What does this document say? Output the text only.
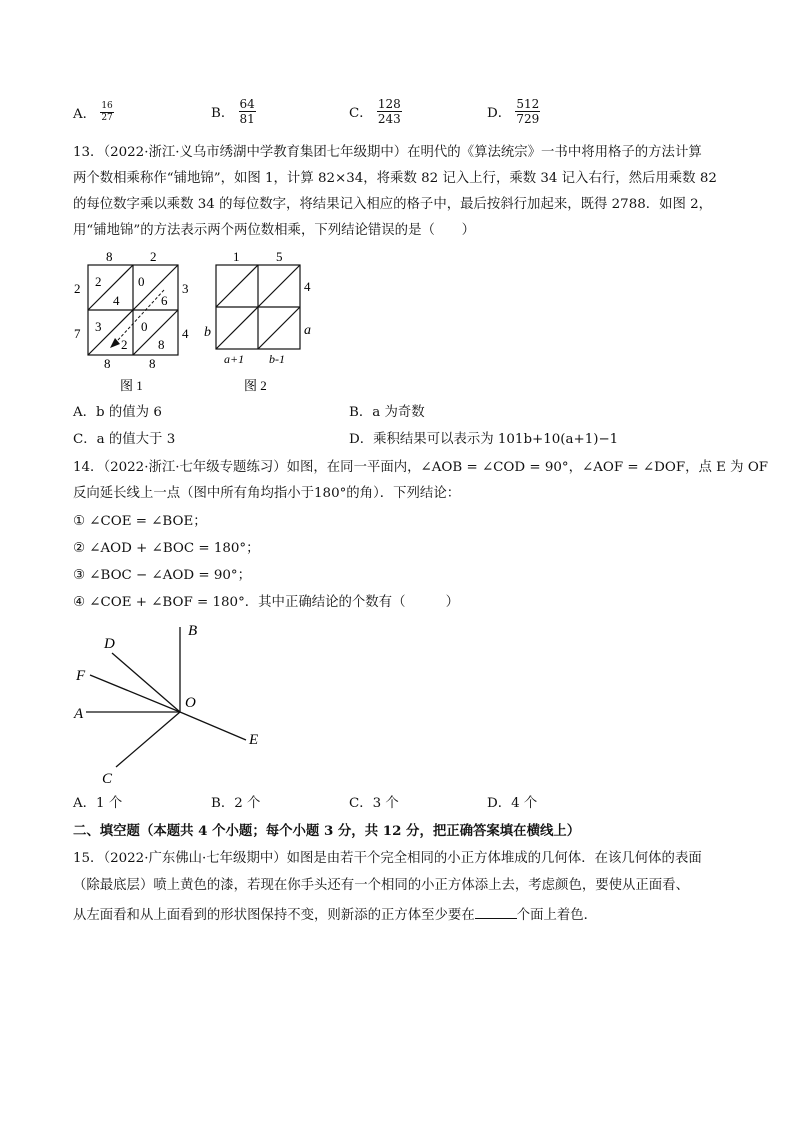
A． $\frac{16}{27}$	B． $\frac{64}{81}$	C． $\frac{128}{243}$	D． $\frac{512}{729}$
13．（2022·浙江·义乌市绣湖中学教育集团七年级期中）在明代的《算法统宗》一书中将用格子的方法计算
两个数相乘称作“铺地锦”，如图 1，计算 82×34，将乘数 82 记入上行，乘数 34 记入右行，然后用乘数 82
的每位数字乘以乘数 34 的每位数字，将结果记入相应的格子中，最后按斜行加起来，既得 2788．如图 2，
用“铺地锦”的方法表示两个两位数相乘，下列结论错误的是（　　）
8	2
2
7
3
4
8	8
2
4
0
6
3
2
0
8
图 1
1	5
4
b	a
a+1 b-1
图 2
A．b 的值为 6	B．a 为奇数
C．a 的值大于 3	D．乘积结果可以表示为 101b+10(a+1)−1
14．（2022·浙江·七年级专题练习）如图，在同一平面内，∠AOB = ∠COD = 90°，∠AOF = ∠DOF，点 E 为 OF
反向延长线上一点（图中所有角均指小于180°的角）．下列结论：
① ∠COE = ∠BOE；
② ∠AOD + ∠BOC = 180°；
③ ∠BOC − ∠AOD = 90°；
④ ∠COE + ∠BOF = 180°．其中正确结论的个数有（　　　）
B
D
F
A
O
E
C
A．1 个	B．2 个	C．3 个	D．4 个
二、填空题（本题共 4 个小题；每个小题 3 分，共 12 分，把正确答案填在横线上）
15．（2022·广东佛山·七年级期中）如图是由若干个完全相同的小正方体堆成的几何体．在该几何体的表面
（除最底层）喷上黄色的漆，若现在你手头还有一个相同的小正方体添上去，考虑颜色，要使从正面看、
从左面看和从上面看到的形状图保持不变，则新添的正方体至少要在	个面上着色．
